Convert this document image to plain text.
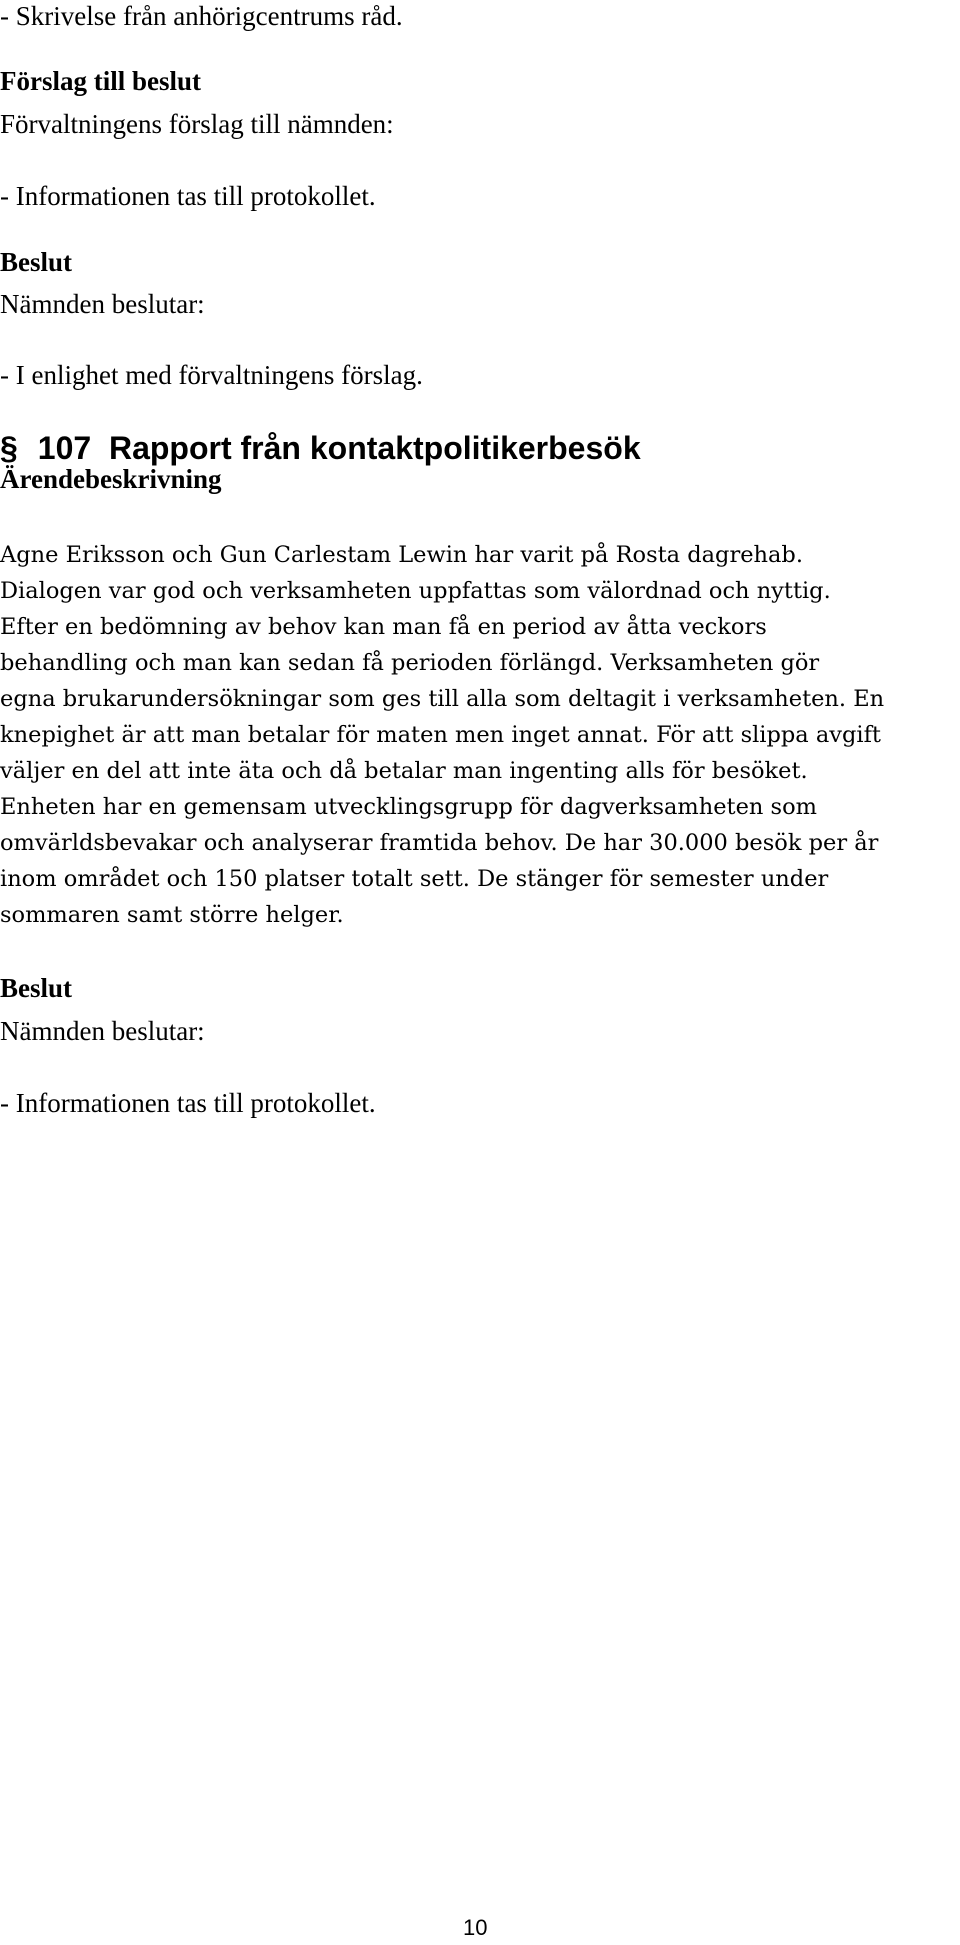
- Skrivelse från anhörigcentrums råd.
Förslag till beslut
Förvaltningens förslag till nämnden:
- Informationen tas till protokollet.
Beslut
Nämnden beslutar:
- I enlighet med förvaltningens förslag.
§ 107  Rapport från kontaktpolitikerbesök
Ärendebeskrivning
Agne Eriksson och Gun Carlestam Lewin har varit på Rosta dagrehab.
Dialogen var god och verksamheten uppfattas som välordnad och nyttig.
Efter en bedömning av behov kan man få en period av åtta veckors
behandling och man kan sedan få perioden förlängd. Verksamheten gör
egna brukarundersökningar som ges till alla som deltagit i verksamheten. En
knepighet är att man betalar för maten men inget annat. För att slippa avgift
väljer en del att inte äta och då betalar man ingenting alls för besöket.
Enheten har en gemensam utvecklingsgrupp för dagverksamheten som
omvärldsbevakar och analyserar framtida behov. De har 30.000 besök per år
inom området och 150 platser totalt sett. De stänger för semester under
sommaren samt större helger.
Beslut
Nämnden beslutar:
- Informationen tas till protokollet.
10
